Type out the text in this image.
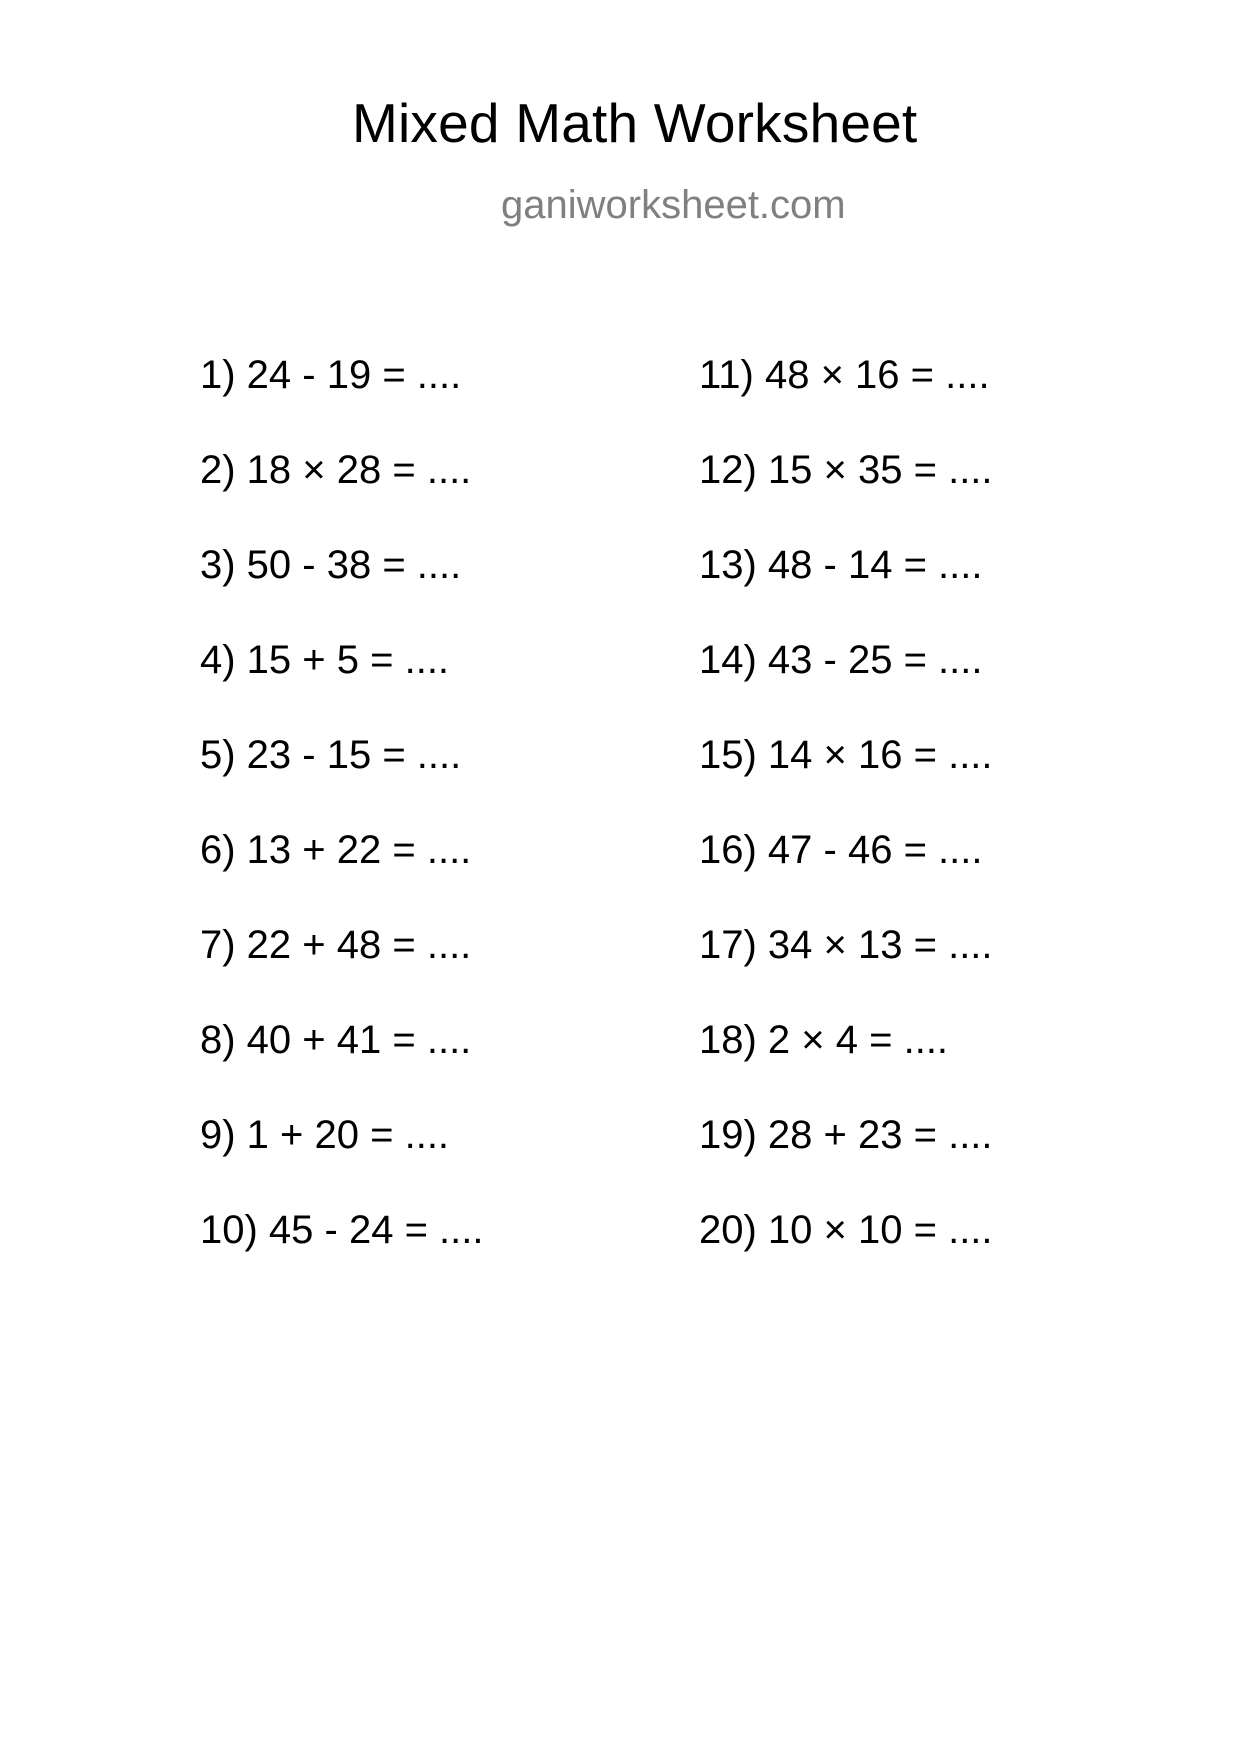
Mixed Math Worksheet
ganiworksheet.com
1) 24 - 19 = ....
2) 18 × 28 = ....
3) 50 - 38 = ....
4) 15 + 5 = ....
5) 23 - 15 = ....
6) 13 + 22 = ....
7) 22 + 48 = ....
8) 40 + 41 = ....
9) 1 + 20 = ....
10) 45 - 24 = ....
11) 48 × 16 = ....
12) 15 × 35 = ....
13) 48 - 14 = ....
14) 43 - 25 = ....
15) 14 × 16 = ....
16) 47 - 46 = ....
17) 34 × 13 = ....
18) 2 × 4 = ....
19) 28 + 23 = ....
20) 10 × 10 = ....
